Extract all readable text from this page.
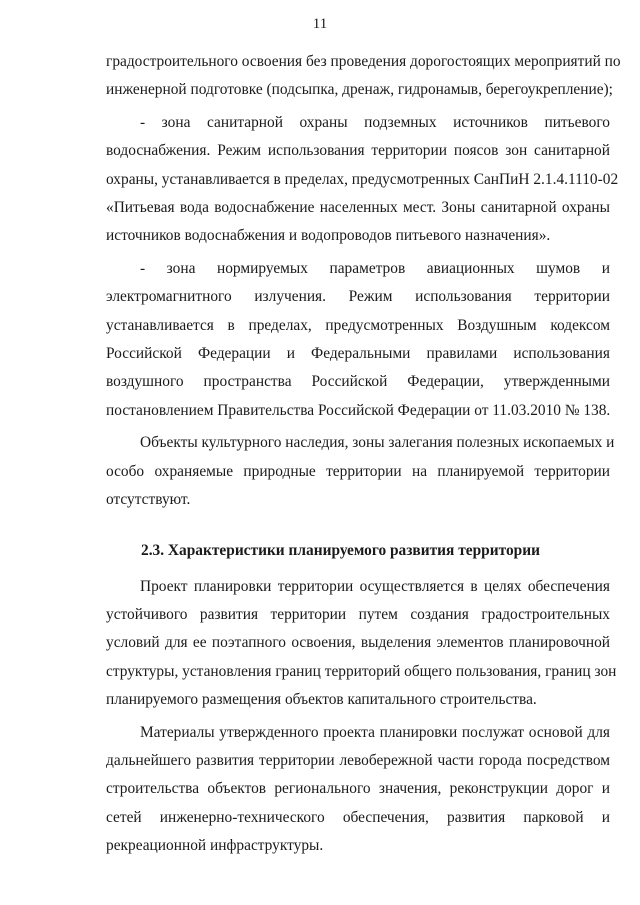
11
градостроительного освоения без проведения дорогостоящих мероприятий по
инженерной подготовке (подсыпка, дренаж, гидронамыв, берегоукрепление);
- зона санитарной охраны подземных источников питьевого
водоснабжения. Режим использования территории поясов зон санитарной
охраны, устанавливается в пределах, предусмотренных СанПиН 2.1.4.1110-02
«Питьевая вода водоснабжение населенных мест. Зоны санитарной охраны
источников водоснабжения и водопроводов питьевого назначения».
- зона нормируемых параметров авиационных шумов и
электромагнитного излучения. Режим использования территории
устанавливается в пределах, предусмотренных Воздушным кодексом
Российской Федерации и Федеральными правилами использования
воздушного пространства Российской Федерации, утвержденными
постановлением Правительства Российской Федерации от 11.03.2010 № 138.
Объекты культурного наследия, зоны залегания полезных ископаемых и
особо охраняемые природные территории на планируемой территории
отсутствуют.
2.3. Характеристики планируемого развития территории
Проект планировки территории осуществляется в целях обеспечения
устойчивого развития территории путем создания градостроительных
условий для ее поэтапного освоения, выделения элементов планировочной
структуры, установления границ территорий общего пользования, границ зон
планируемого размещения объектов капитального строительства.
Материалы утвержденного проекта планировки послужат основой для
дальнейшего развития территории левобережной части города посредством
строительства объектов регионального значения, реконструкции дорог и
сетей инженерно-технического обеспечения, развития парковой и
рекреационной инфраструктуры.
